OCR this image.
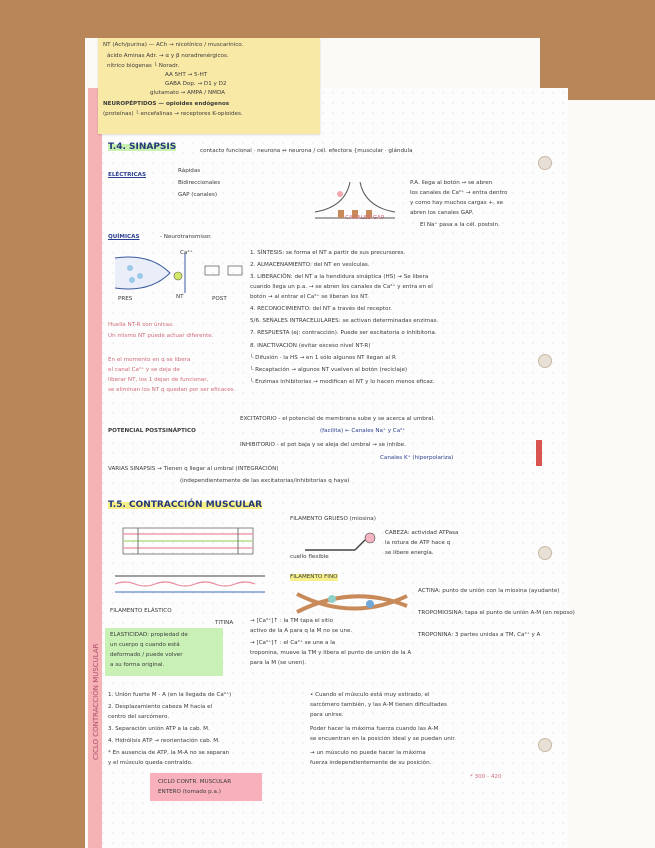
NT (Ach/purina) — ACh → nicotínico / muscarínico.
ácido Aminas Adr. → α y β noradrenérgicos.
nítrico biógenas └ Noradr.
AA 5HT → 5-HT
GABA Dop. → D1 y D2
glutamato → AMPA / NMDA
NEUROPÉPTIDOS — opioides endógenos
(proteínas) └ encefalinas → receptores K-opioides.
T.4. SINAPSIS	contacto funcional · neurona ↔ neurona / cél. efectora {muscular · glándula
ELÉCTRICAS
Rápidas
Bidireccionales
GAP (canales)
CANALES GAP
P.A. llega al botón → se abren
los canales de Ca²⁺ → entra dentro
y como hay muchos cargas +, se
abren los canales GAP.
El Na⁺ pasa a la cél. postsin.
QUÍMICAS	- Neurotransmisor.
PRES	POST
NT
Ca²⁺	1. SÍNTESIS: se forma el NT a partir de sus precursores.
2. ALMACENAMIENTO: del NT en vesículas.
3. LIBERACIÓN: del NT a la hendidura sináptica (HS) → Se libera
cuando llega un p.a. → se abren los canales de Ca²⁺ y entra en el
botón → al entrar el Ca²⁺ se liberan los NT.
4. RECONOCIMIENTO: del NT a través del receptor.
5/6. SEÑALES INTRACELULARES: se activan determinadas enzimas.
7. RESPUESTA (ej: contracción). Puede ser excitatoria o inhibitoria.
8. INACTIVACIÓN (evitar exceso nivel NT-R)
└ Difusión · la HS → en 1 sólo algunos NT llegan al R
└ Recaptación → algunos NT vuelven al botón (reciclaje)
└ Enzimas inhibitorias → modifican el NT y lo hacen menos eficaz.
Huella NT-R son únicas.
Un mismo NT puede actuar diferente.
En el momento en q se libera
el canal Ca²⁺ y se deja de
liberar NT, los 1 dejan de funcionar,
se eliminan los NT q quedan por ser eficaces.
POTENCIAL POSTSINÁPTICO
EXCITATORIO - el potencial de membrana sube y se acerca al umbral.
(facilita) ← Canales Na⁺ y Ca²⁺
INHIBITORIO - el pot baja y se aleja del umbral → se inhibe.
Canales K⁺ (hiperpolariza)
VARIAS SINAPSIS → Tienen q llegar al umbral (INTEGRACIÓN)
(independientemente de las excitatorias/inhibitorias q haya)
T.5. CONTRACCIÓN MUSCULAR
FILAMENTO ELÁSTICO
TITINA
ELASTICIDAD: propiedad de
un cuerpo q cuando está
deformado / puede volver
a su forma original.
FILAMENTO GRUESO (miosina)
cuello flexible
CABEZA: actividad ATPasa
la rotura de ATP hace q
se libere energía.
FILAMENTO FINO
ACTINA: punto de unión con la miosina (ayudante)
TROPOMIOSINA: tapa el punto de unión A-M (en reposo)
TROPONINA: 3 partes unidas a TM, Ca²⁺ y A
→ [Ca²⁺]↑ : la TM tapa el sitio
activo de la A para q la M no se une.
→ [Ca²⁺]↑ : el Ca²⁺ se une a la
troponina, mueve la TM y libera el punto de unión de la A
para la M (se unen).
CICLO CONTRACCIÓN MUSCULAR 1. Unión fuerte M - A (en la llegada de Ca²⁺)
2. Desplazamiento cabeza M hacia el
centro del sarcómero.
3. Separación unión ATP a la cab. M.
4. Hidrólisis ATP → reorientación cab. M.
* En ausencia de ATP, la M-A no se separan
y el músculo queda contraído.
• Cuando el músculo está muy estirado, el
sarcómero también, y las A-M tienen dificultades
para unirse.
Poder hacer la máxima fuerza cuando las A-M
se encuentran en la posición ideal y se puedan unir.
→ un músculo no puede hacer la máxima
fuerza independientemente de su posición.
CICLO CONTR. MUSCULAR
ENTERO (tomado p.a.)
* 300 - 420
